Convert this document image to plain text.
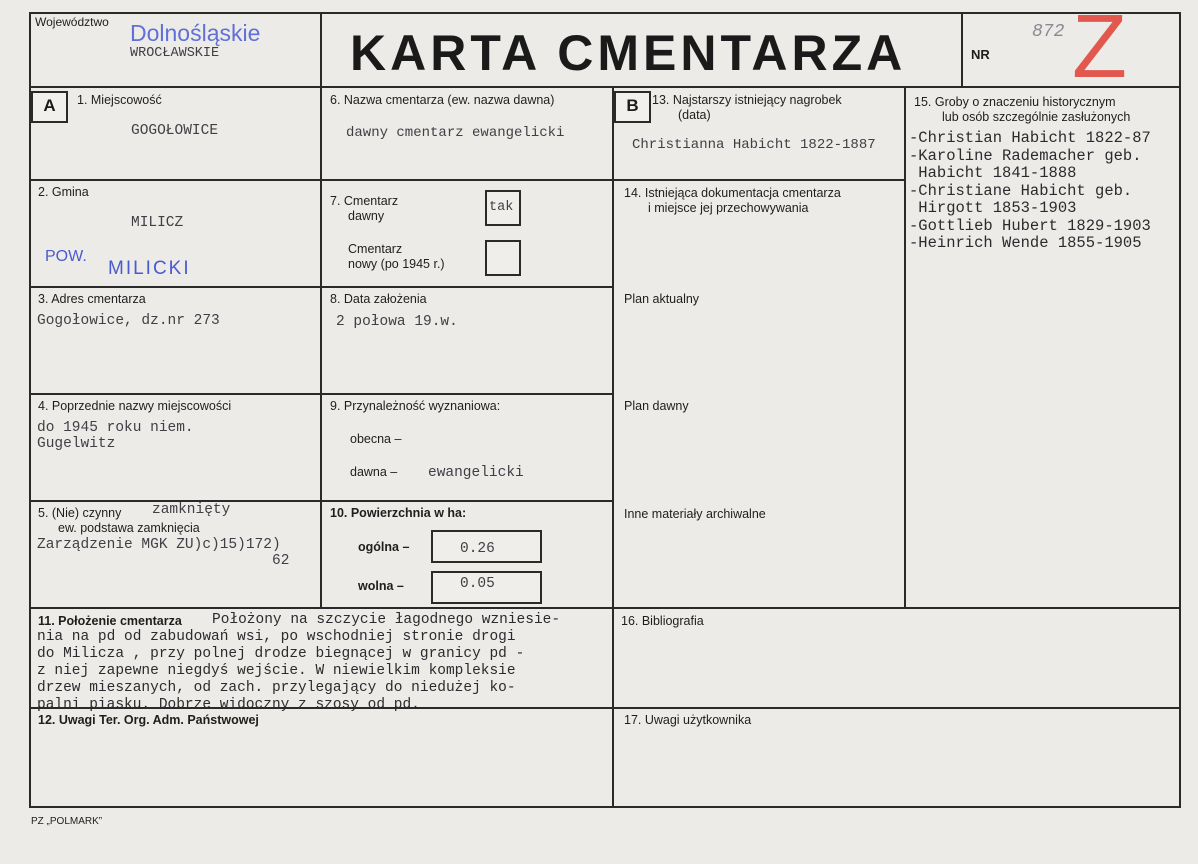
Województwo Dolnośląskie
WROCŁAWSKIE	KARTA CMENTARZA	NR
872 Z
A	B
1. Miejscowość
GOGOŁOWICE
2. Gmina
MILICZ
POW.
MILICKI
3. Adres cmentarza
Gogołowice, dz.nr 273
4. Poprzednie nazwy miejscowości
do 1945 roku niem.
Gugelwitz
5. (Nie) czynny zamknięty
ew. podstawa zamknięcia
Zarządzenie MGK ZU)c)15)172)
62
6. Nazwa cmentarza (ew. nazwa dawna)
dawny cmentarz ewangelicki
7. Cmentarz
dawny
tak
Cmentarz
nowy (po 1945 r.)
8. Data założenia
2 połowa 19.w.
9. Przynależność wyznaniowa:
obecna –
dawna – ewangelicki
10. Powierzchnia w ha:
ogólna –	0.26
wolna –	0.05
11. Położenie cmentarza Położony na szczycie łagodnego wzniesie-
nia na pd od zabudowań wsi, po wschodniej stronie drogi
do Milicza , przy polnej drodze biegnącej w granicy pd -
z niej zapewne niegdyś wejście. W niewielkim kompleksie
drzew mieszanych, od zach. przylegający do niedużej ko-
palni piasku. Dobrze widoczny z szosy od pd.
12. Uwagi Ter. Org. Adm. Państwowej
13. Najstarszy istniejący nagrobek
(data)
Christianna Habicht 1822-1887
14. Istniejąca dokumentacja cmentarza
i miejsce jej przechowywania
Plan aktualny
Plan dawny
Inne materiały archiwalne
15. Groby o znaczeniu historycznym
lub osób szczególnie zasłużonych
-Christian Habicht 1822-87
-Karoline Rademacher geb.
Habicht 1841-1888
-Christiane Habicht geb.
Hirgott 1853-1903
-Gottlieb Hubert 1829-1903
-Heinrich Wende 1855-1905
16. Bibliografia
17. Uwagi użytkownika
PZ „POLMARK”
